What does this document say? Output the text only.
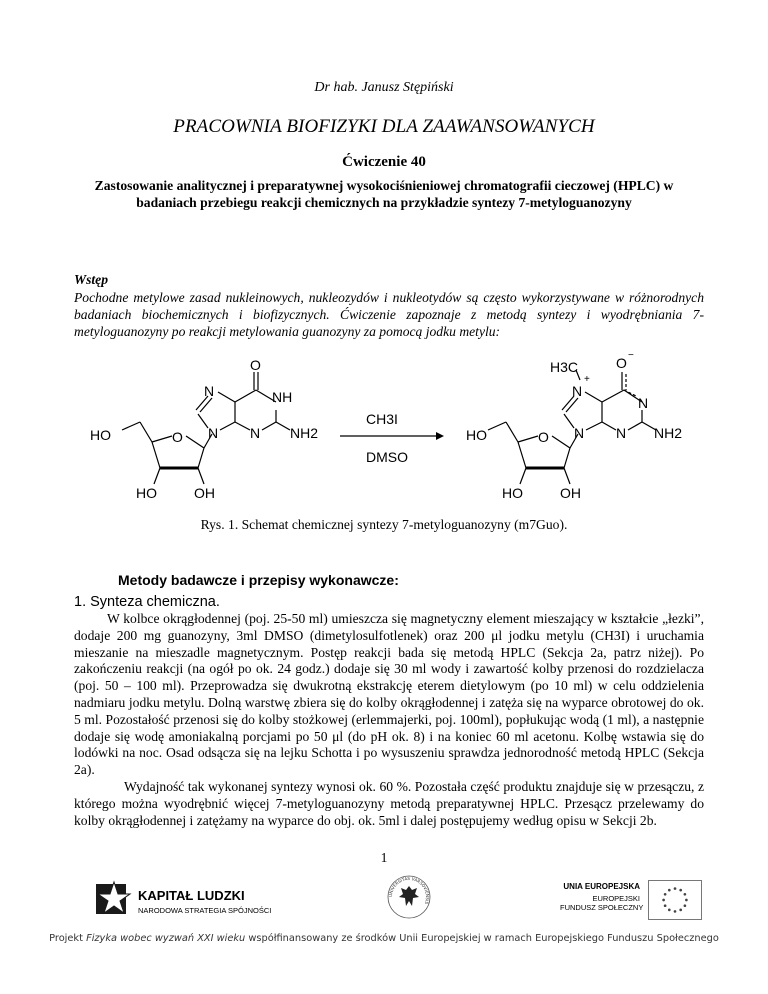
Dr hab. Janusz Stępiński
PRACOWNIA BIOFIZYKI DLA ZAAWANSOWANYCH
Ćwiczenie 40
Zastosowanie analitycznej i preparatywnej wysokociśnieniowej chromatografii cieczowej (HPLC) w badaniach przebiegu reakcji chemicznych na przykładzie syntezy 7-metyloguanozyny
Wstęp
Pochodne metylowe zasad nukleinowych, nukleozydów i nukleotydów są często wykorzystywane w różnorodnych badaniach biochemicznych i biofizycznych. Ćwiczenie zapoznaje z metodą syntezy i wyodrębniania 7-metyloguanozyny po reakcji metylowania guanozyny za pomocą jodku metylu:
O
N	NH
N N NH2
HO	O
HO	OH
CH3I
DMSO
H3C
+
O −
N
N
N N NH2
HO	O
HO	OH
Rys. 1. Schemat chemicznej syntezy 7-metyloguanozyny (m7Guo).
Metody badawcze i przepisy wykonawcze:
1. Synteza chemiczna.

W kolbce okrągłodennej (poj. 25-50 ml) umieszcza się magnetyczny element mieszający w kształcie „łezki”, dodaje 200 mg guanozyny, 3ml DMSO (dimetylosulfotlenek) oraz 200 μl jodku metylu (CH3I) i uruchamia mieszanie na mieszadle magnetycznym. Postęp reakcji bada się metodą HPLC (Sekcja 2a, patrz niżej). Po zakończeniu reakcji (na ogół po ok. 24 godz.) dodaje się 30 ml wody i zawartość kolby przenosi do rozdzielacza (poj. 50 – 100 ml). Przeprowadza się dwukrotną ekstrakcję eterem dietylowym (po 10 ml) w celu oddzielenia nadmiaru jodku metylu. Dolną warstwę zbiera się do kolby okrągłodennej i zatęża się na wyparce obrotowej do ok. 5 ml. Pozostałość przenosi się do kolby stożkowej (erlemmajerki, poj. 100ml), popłukując wodą (1 ml), a następnie dodaje się wodę amoniakalną porcjami po 50 μl (do pH ok. 8) i na koniec 60 ml acetonu. Kolbę wstawia się do lodówki na noc. Osad odsącza się na lejku Schotta i po wysuszeniu sprawdza jednorodność metodą HPLC (Sekcja 2a).

Wydajność tak wykonanej syntezy wynosi ok. 60 %. Pozostała część produktu znajduje się w przesączu, z którego można wyodrębnić więcej 7-metyloguanozyny metodą preparatywnej HPLC. Przesącz przelewamy do kolby okrągłodennej i zatężamy na wyparce do obj. ok. 5ml i dalej postępujemy według opisu w Sekcji 2b.

1
KAPITAŁ LUDZKI
NARODOWA STRATEGIA SPÓJNOŚCI
UNIVERSITAS VARSOVIENSIS
UNIA EUROPEJSKA
EUROPEJSKI
FUNDUSZ SPOŁECZNY
Projekt Fizyka wobec wyzwań XXI wieku współfinansowany ze środków Unii Europejskiej w ramach Europejskiego Funduszu Społecznego
